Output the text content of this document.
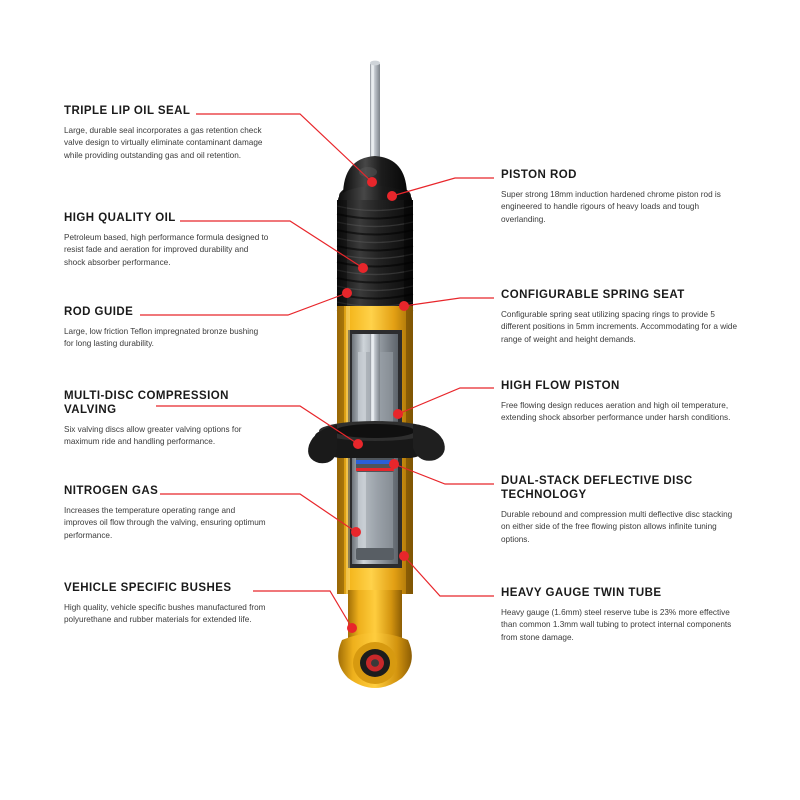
TRIPLE LIP OIL SEAL
Large, durable seal incorporates a gas retention check valve design to virtually eliminate contaminant damage while providing outstanding gas and oil retention.
HIGH QUALITY OIL
Petroleum based, high performance formula designed to resist fade and aeration for improved durability and shock absorber performance.
ROD GUIDE
Large, low friction Teflon impregnated bronze bushing for long lasting durability.
MULTI-DISC COMPRESSION VALVING
Six valving discs allow greater valving options for maximum ride and handling performance.
NITROGEN GAS
Increases the temperature operating range and improves oil flow through the valving, ensuring optimum performance.
VEHICLE SPECIFIC BUSHES
High quality, vehicle specific bushes manufactured from polyurethane and rubber materials for extended life.
PISTON ROD
Super strong 18mm induction hardened chrome piston rod is engineered to handle rigours of heavy loads and tough overlanding.
CONFIGURABLE SPRING SEAT
Configurable spring seat utilizing spacing rings to provide 5 different positions in 5mm increments. Accommodating for a wide range of weight and height demands.
HIGH FLOW PISTON
Free flowing design reduces aeration and high oil temperature, extending shock absorber performance under harsh conditions.
DUAL-STACK DEFLECTIVE DISC TECHNOLOGY
Durable rebound and compression multi deflective disc stacking on either side of the free flowing piston allows infinite tuning options.
HEAVY GAUGE TWIN TUBE
Heavy gauge (1.6mm) steel reserve tube is 23% more effective than common 1.3mm wall tubing to protect internal components from stone damage.
